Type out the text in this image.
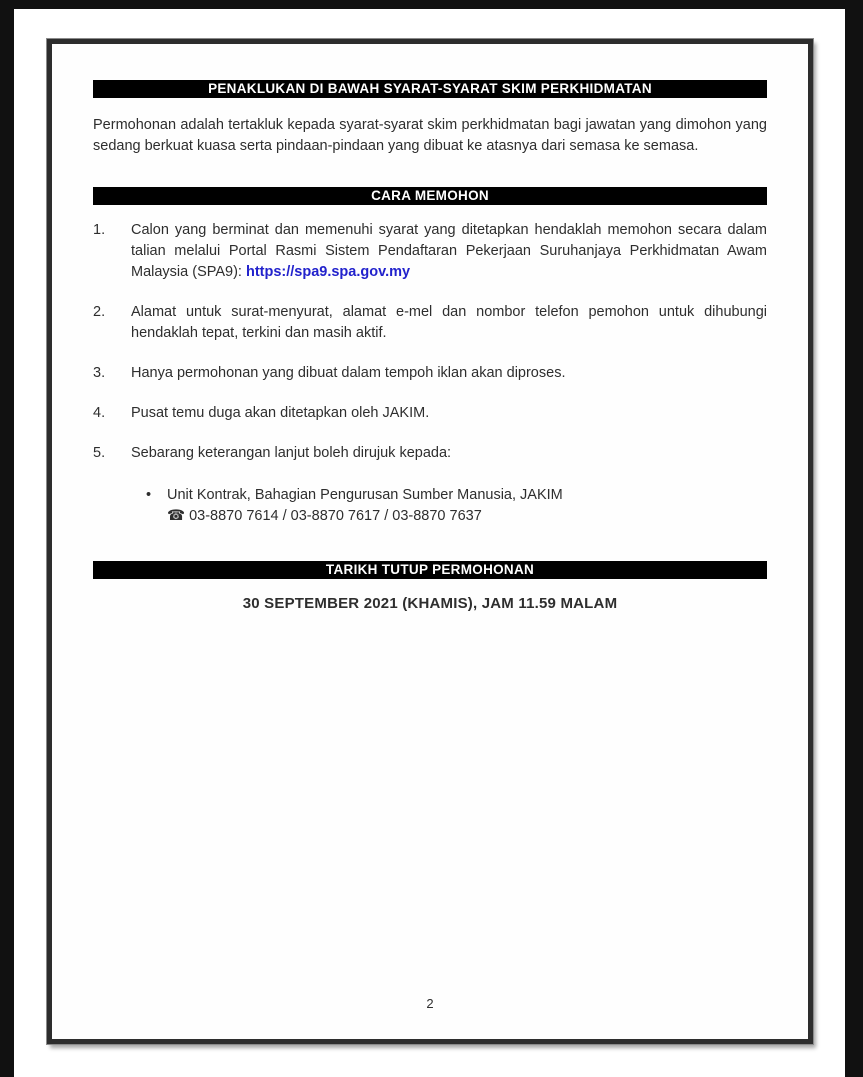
PENAKLUKAN DI BAWAH SYARAT-SYARAT SKIM PERKHIDMATAN

Permohonan adalah tertakluk kepada syarat-syarat skim perkhidmatan bagi jawatan yang dimohon yang sedang berkuat kuasa serta pindaan-pindaan yang dibuat ke atasnya dari semasa ke semasa.

CARA MEMOHON
1.	Calon yang berminat dan memenuhi syarat yang ditetapkan hendaklah memohon secara dalam talian melalui Portal Rasmi Sistem Pendaftaran Pekerjaan Suruhanjaya Perkhidmatan Awam Malaysia (SPA9): https://spa9.spa.gov.my

2.	Alamat untuk surat-menyurat, alamat e-mel dan nombor telefon pemohon untuk dihubungi hendaklah tepat, terkini dan masih aktif.

3.	Hanya permohonan yang dibuat dalam tempoh iklan akan diproses.

4.	Pusat temu duga akan ditetapkan oleh JAKIM.

5.	Sebarang keterangan lanjut boleh dirujuk kepada:

•	Unit Kontrak, Bahagian Pengurusan Sumber Manusia, JAKIM
☎ 03-8870 7614 / 03-8870 7617 / 03-8870 7637
TARIKH TUTUP PERMOHONAN
30 SEPTEMBER 2021 (KHAMIS), JAM 11.59 MALAM
2
